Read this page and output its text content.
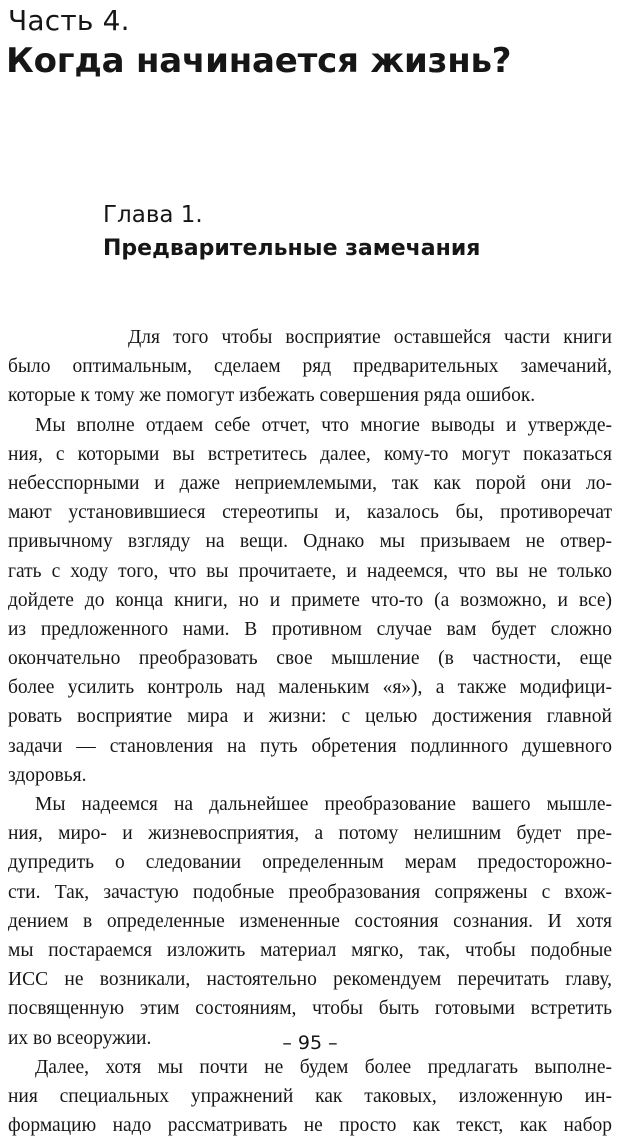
Часть 4.
Когда начинается жизнь?
Глава 1.
Предварительные замечания
Для того чтобы восприятие оставшейся части книги
было оптимальным, сделаем ряд предварительных замечаний,
которые к тому же помогут избежать совершения ряда ошибок.
Мы вполне отдаем себе отчет, что многие выводы и утвержде-
ния, с которыми вы встретитесь далее, кому-то могут показаться
небесспорными и даже неприемлемыми, так как порой они ло-
мают установившиеся стереотипы и, казалось бы, противоречат
привычному взгляду на вещи. Однако мы призываем не отвер-
гать с ходу того, что вы прочитаете, и надеемся, что вы не только
дойдете до конца книги, но и примете что-то (а возможно, и все)
из предложенного нами. В противном случае вам будет сложно
окончательно преобразовать свое мышление (в частности, еще
более усилить контроль над маленьким «я»), а также модифици-
ровать восприятие мира и жизни: с целью достижения главной
задачи — становления на путь обретения подлинного душевного
здоровья.
Мы надеемся на дальнейшее преобразование вашего мышле-
ния, миро- и жизневосприятия, а потому нелишним будет пре-
дупредить о следовании определенным мерам предосторожно-
сти. Так, зачастую подобные преобразования сопряжены с вхож-
дением в определенные измененные состояния сознания. И хотя
мы постараемся изложить материал мягко, так, чтобы подобные
ИСС не возникали, настоятельно рекомендуем перечитать главу,
посвященную этим состояниям, чтобы быть готовыми встретить
их во всеоружии.
Далее, хотя мы почти не будем более предлагать выполне-
ния специальных упражнений как таковых, изложенную ин-
формацию надо рассматривать не просто как текст, как набор
– 95 –
